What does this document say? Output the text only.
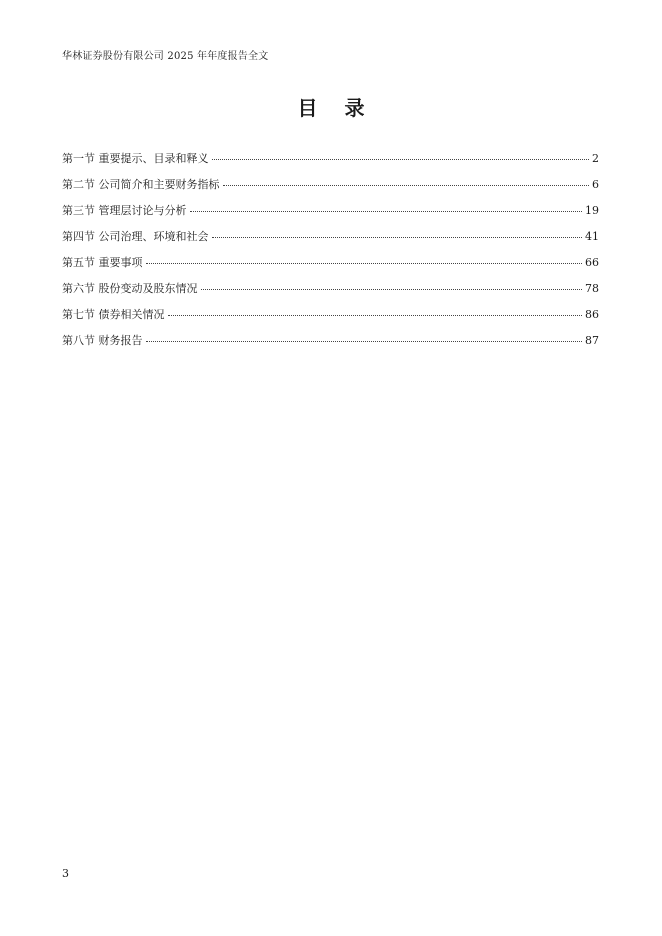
华林证券股份有限公司 2025 年年度报告全文
目 录
第一节 重要提示、目录和释义	2
第二节 公司简介和主要财务指标	6
第三节 管理层讨论与分析	19
第四节 公司治理、环境和社会	41
第五节 重要事项	66
第六节 股份变动及股东情况	78
第七节 债券相关情况	86
第八节 财务报告	87
3
